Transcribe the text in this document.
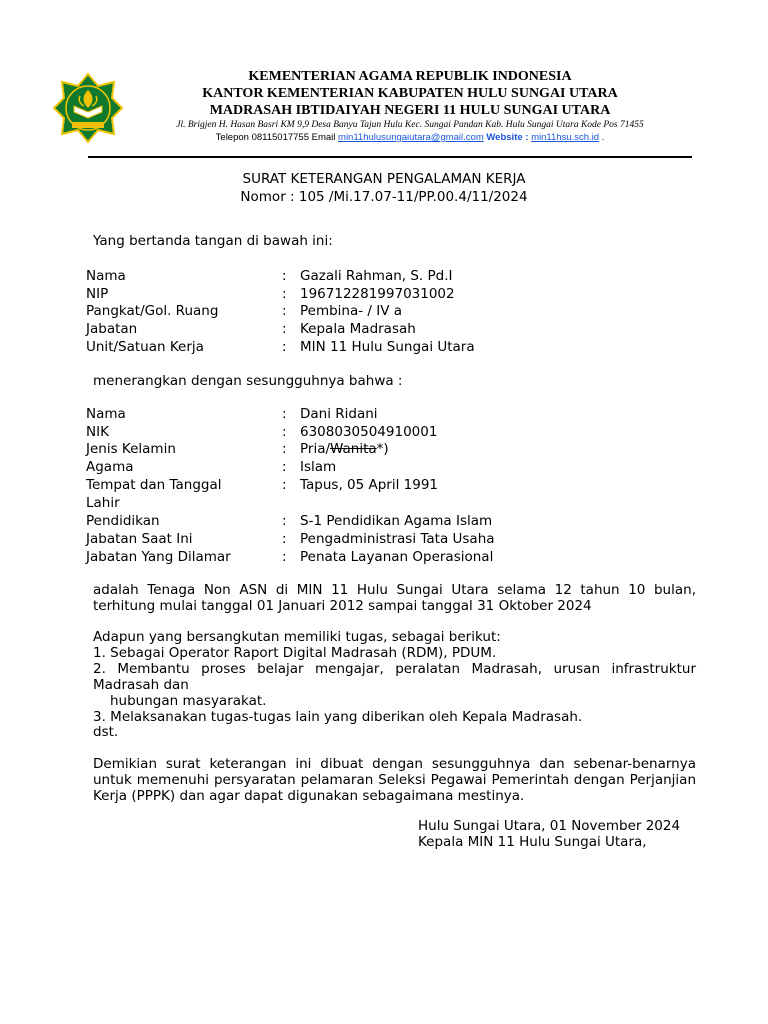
KEMENTERIAN AGAMA REPUBLIK INDONESIA
KANTOR KEMENTERIAN KABUPATEN HULU SUNGAI UTARA
MADRASAH IBTIDAIYAH NEGERI 11 HULU SUNGAI UTARA
Jl. Brigjen H. Hasan Basri KM 9,9 Desa Banyu Tajun Hulu Kec. Sungai Pandan Kab. Hulu Sungai Utara Kode Pos 71455
Telepon 08115017755 Email min11hulusungaiutara@gmail.com Website : min11hsu.sch.id .
SURAT KETERANGAN PENGALAMAN KERJA
Nomor : 105 /Mi.17.07-11/PP.00.4/11/2024
Yang bertanda tangan di bawah ini:
Nama	: Gazali Rahman, S. Pd.I
NIP	: 196712281997031002
Pangkat/Gol. Ruang	: Pembina- / IV a
Jabatan	: Kepala Madrasah
Unit/Satuan Kerja	: MIN 11 Hulu Sungai Utara
menerangkan dengan sesungguhnya bahwa :
Nama	: Dani Ridani
NIK	: 6308030504910001
Jenis Kelamin	: Pria/Wanita*)
Agama	: Islam
Tempat dan Tanggal	: Tapus, 05 April 1991
Lahir
Pendidikan	: S-1 Pendidikan Agama Islam
Jabatan Saat Ini	: Pengadministrasi Tata Usaha
Jabatan Yang Dilamar	: Penata Layanan Operasional
adalah Tenaga Non ASN di MIN 11 Hulu Sungai Utara selama 12 tahun 10 bulan, terhitung mulai tanggal 01 Januari 2012 sampai tanggal 31 Oktober 2024
Adapun yang bersangkutan memiliki tugas, sebagai berikut:
1. Sebagai Operator Raport Digital Madrasah (RDM), PDUM.
2. Membantu proses belajar mengajar, peralatan Madrasah, urusan infrastruktur Madrasah dan
hubungan masyarakat.
3. Melaksanakan tugas-tugas lain yang diberikan oleh Kepala Madrasah.
dst.
Demikian surat keterangan ini dibuat dengan sesungguhnya dan sebenar-benarnya untuk memenuhi persyaratan pelamaran Seleksi Pegawai Pemerintah dengan Perjanjian Kerja (PPPK) dan agar dapat digunakan sebagaimana mestinya.
Hulu Sungai Utara, 01 November 2024
Kepala MIN 11 Hulu Sungai Utara,
